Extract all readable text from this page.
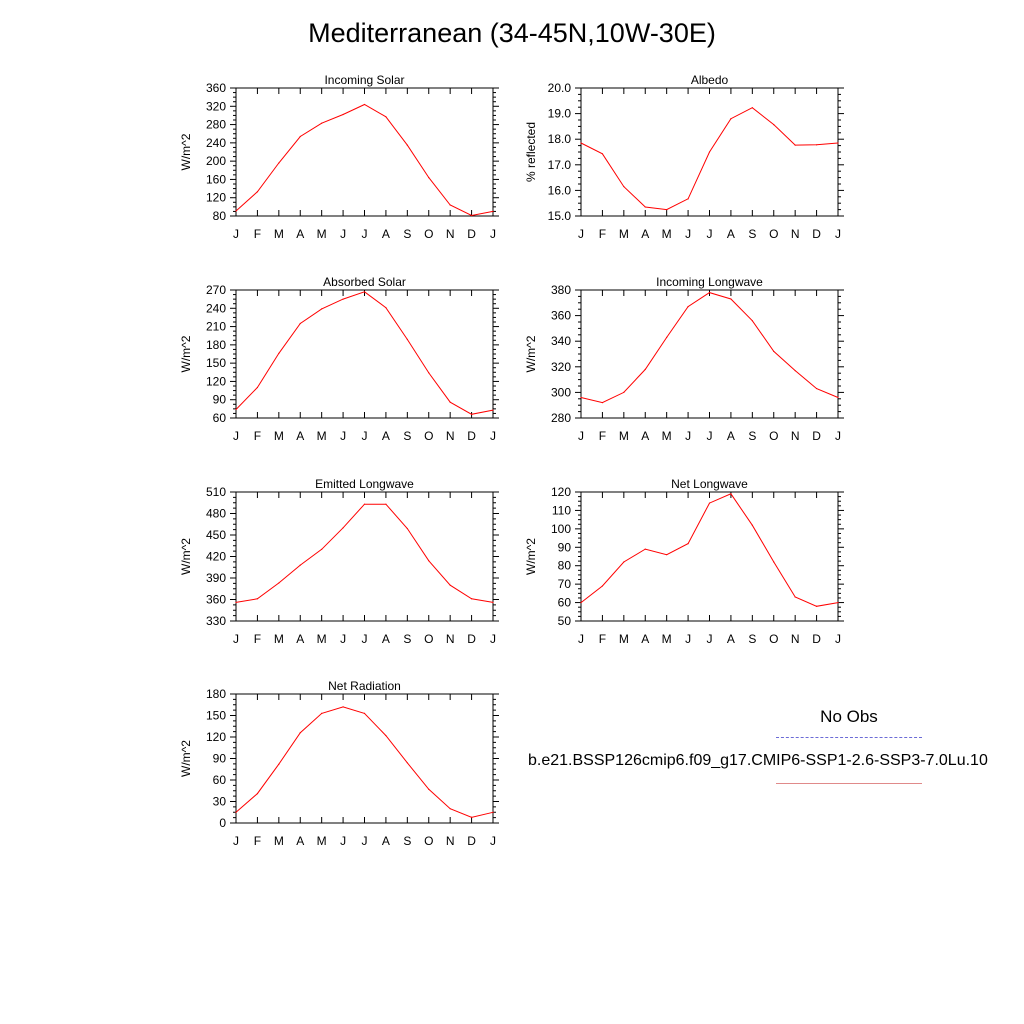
Mediterranean (34-45N,10W-30E)
Incoming Solar
J F M A M J J A S O N D J
80
120
160
200
240
280
320
360
W/m^2
Albedo
J F M A M J J A S O N D J
15.0
16.0
17.0
18.0
19.0
20.0
% reflected
Absorbed Solar
J F M A M J J A S O N D J
60
90
120
150
180
210
240
270
W/m^2
Incoming Longwave
J F M A M J J A S O N D J
280
300
320
340
360
380
W/m^2
Emitted Longwave
J F M A M J J A S O N D J
330
360
390
420
450
480
510
W/m^2
Net Longwave
J F M A M J J A S O N D J
50
60
70
80
90
100
110
120
W/m^2
Net Radiation
J F M A M J J A S O N D J
0
30
60
90
120
150
180
W/m^2
No Obs
b.e21.BSSP126cmip6.f09_g17.CMIP6-SSP1-2.6-SSP3-7.0Lu.10
